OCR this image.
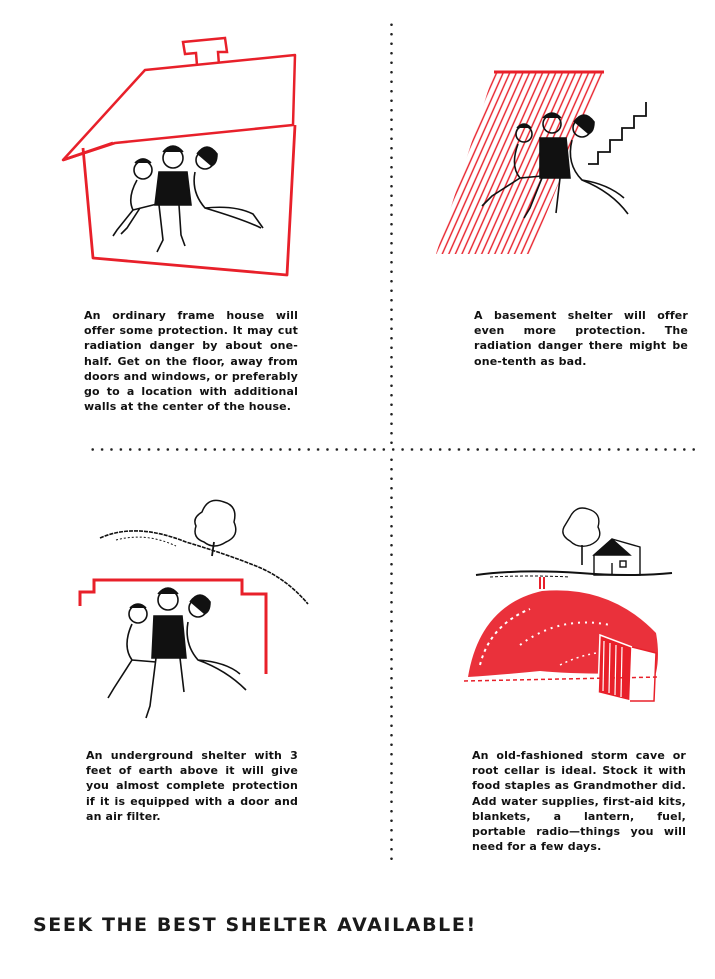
An ordinary frame house will offer some protection. It may cut radiation danger by about one-half. Get on the floor, away from doors and windows, or preferably go to a location with additional walls at the center of the house.
A basement shelter will offer even more protection. The radiation danger there might be one-tenth as bad.
An underground shelter with 3 feet of earth above it will give you almost complete protection if it is equipped with a door and an air filter.
An old-fashioned storm cave or root cellar is ideal. Stock it with food staples as Grandmother did. Add water supplies, first-aid kits, blankets, a lantern, fuel, portable radio—things you will need for a few days.
SEEK THE BEST SHELTER AVAILABLE!
